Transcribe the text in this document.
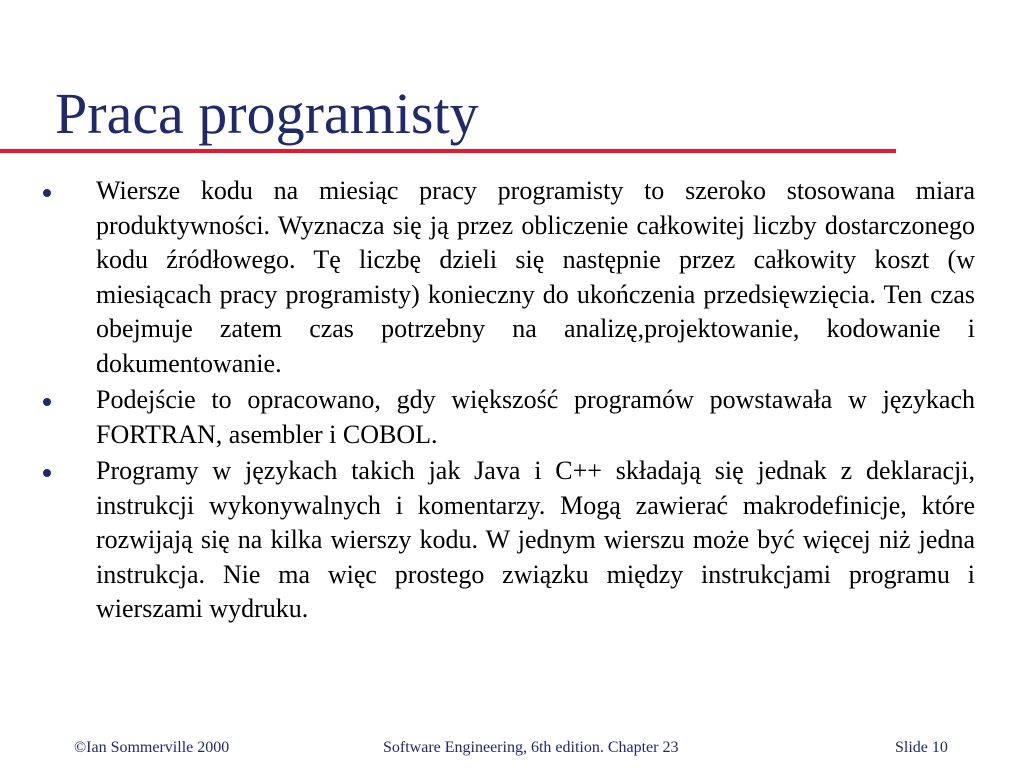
Praca programisty
Wiersze kodu na miesiąc pracy programisty to szeroko stosowana miara produktywności. Wyznacza się ją przez obliczenie całkowitej liczby dostarczonego kodu źródłowego. Tę liczbę dzieli się następnie przez całkowity koszt (w miesiącach pracy programisty) konieczny do ukończenia przedsięwzięcia. Ten czas obejmuje zatem czas potrzebny na analizę,projektowanie, kodowanie i dokumentowanie.
Podejście to opracowano, gdy większość programów powstawała w językach FORTRAN, asembler i COBOL.
Programy w językach takich jak Java i C++ składają się jednak z deklaracji, instrukcji wykonywalnych i komentarzy. Mogą zawierać makrodefinicje, które rozwijają się na kilka wierszy kodu. W jednym wierszu może być więcej niż jedna instrukcja. Nie ma więc prostego związku między instrukcjami programu i wierszami wydruku.
©Ian Sommerville 2000	Software Engineering, 6th edition. Chapter 23	Slide 10
